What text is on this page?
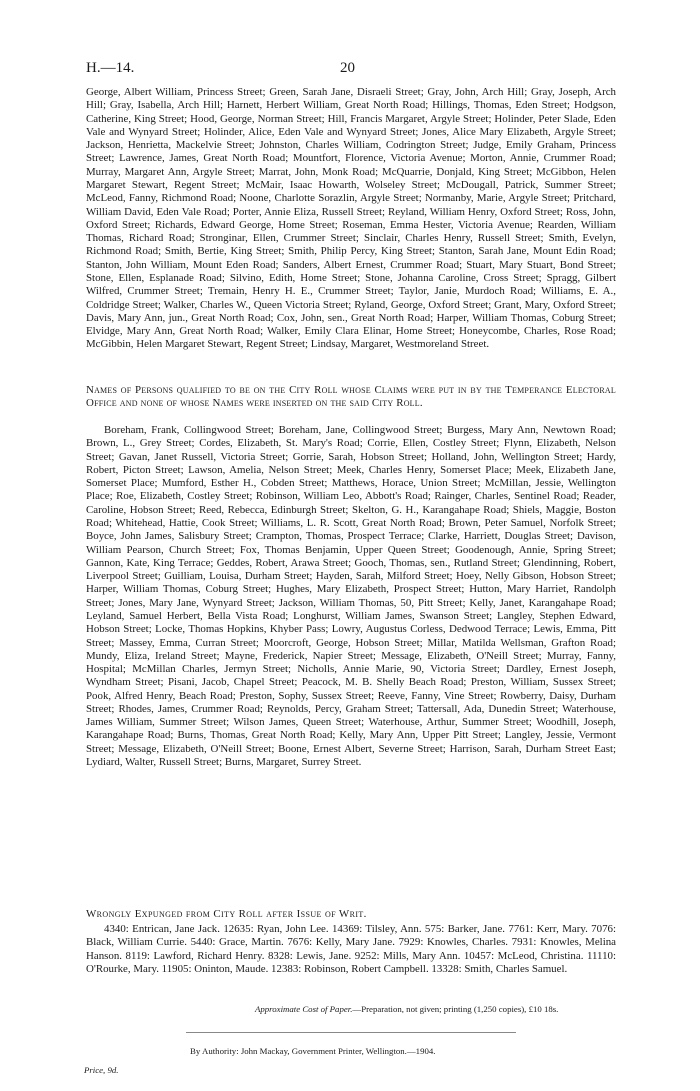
H.—14.	20

George, Albert William, Princess Street; Green, Sarah Jane, Disraeli Street; Gray, John, Arch Hill; Gray, Joseph, Arch Hill; Gray, Isabella, Arch Hill; Harnett, Herbert William, Great North Road; Hillings, Thomas, Eden Street; Hodgson, Catherine, King Street; Hood, George, Norman Street; Hill, Francis Margaret, Argyle Street; Holinder, Peter Slade, Eden Vale and Wynyard Street; Holinder, Alice, Eden Vale and Wynyard Street; Jones, Alice Mary Elizabeth, Argyle Street; Jackson, Henrietta, Mackelvie Street; Johnston, Charles William, Codrington Street; Judge, Emily Graham, Princess Street; Lawrence, James, Great North Road; Mountfort, Florence, Victoria Avenue; Morton, Annie, Crummer Road; Murray, Margaret Ann, Argyle Street; Marrat, John, Monk Road; McQuarrie, Donjald, King Street; McGibbon, Helen Margaret Stewart, Regent Street; McMair, Isaac Howarth, Wolseley Street; McDougall, Patrick, Summer Street; McLeod, Fanny, Richmond Road; Noone, Charlotte Sorazlin, Argyle Street; Normanby, Marie, Argyle Street; Pritchard, William David, Eden Vale Road; Porter, Annie Eliza, Russell Street; Reyland, William Henry, Oxford Street; Ross, John, Oxford Street; Richards, Edward George, Home Street; Roseman, Emma Hester, Victoria Avenue; Rearden, William Thomas, Richard Road; Stronginar, Ellen, Crummer Street; Sinclair, Charles Henry, Russell Street; Smith, Evelyn, Richmond Road; Smith, Bertie, King Street; Smith, Philip Percy, King Street; Stanton, Sarah Jane, Mount Edin Road; Stanton, John William, Mount Eden Road; Sanders, Albert Ernest, Crummer Road; Stuart, Mary Stuart, Bond Street; Stone, Ellen, Esplanade Road; Silvino, Edith, Home Street; Stone, Johanna Caroline, Cross Street; Spragg, Gilbert Wilfred, Crummer Street; Tremain, Henry H. E., Crummer Street; Taylor, Janie, Murdoch Road; Williams, E. A., Coldridge Street; Walker, Charles W., Queen Victoria Street; Ryland, George, Oxford Street; Grant, Mary, Oxford Street; Davis, Mary Ann, jun., Great North Road; Cox, John, sen., Great North Road; Harper, William Thomas, Coburg Street; Elvidge, Mary Ann, Great North Road; Walker, Emily Clara Elinar, Home Street; Honeycombe, Charles, Rose Road; McGibbin, Helen Margaret Stewart, Regent Street; Lindsay, Margaret, Westmoreland Street.

Names of Persons qualified to be on the City Roll whose Claims were put in by the Temperance Electoral Office and none of whose Names were inserted on the said City Roll.

Boreham, Frank, Collingwood Street; Boreham, Jane, Collingwood Street; Burgess, Mary Ann, Newtown Road; Brown, L., Grey Street; Cordes, Elizabeth, St. Mary's Road; Corrie, Ellen, Costley Street; Flynn, Elizabeth, Nelson Street; Gavan, Janet Russell, Victoria Street; Gorrie, Sarah, Hobson Street; Holland, John, Wellington Street; Hardy, Robert, Picton Street; Lawson, Amelia, Nelson Street; Meek, Charles Henry, Somerset Place; Meek, Elizabeth Jane, Somerset Place; Mumford, Esther H., Cobden Street; Matthews, Horace, Union Street; McMillan, Jessie, Wellington Place; Roe, Elizabeth, Costley Street; Robinson, William Leo, Abbott's Road; Rainger, Charles, Sentinel Road; Reader, Caroline, Hobson Street; Reed, Rebecca, Edinburgh Street; Skelton, G. H., Karangahape Road; Shiels, Maggie, Boston Road; Whitehead, Hattie, Cook Street; Williams, L. R. Scott, Great North Road; Brown, Peter Samuel, Norfolk Street; Boyce, John James, Salisbury Street; Crampton, Thomas, Prospect Terrace; Clarke, Harriett, Douglas Street; Davison, William Pearson, Church Street; Fox, Thomas Benjamin, Upper Queen Street; Goodenough, Annie, Spring Street; Gannon, Kate, King Terrace; Geddes, Robert, Arawa Street; Gooch, Thomas, sen., Rutland Street; Glendinning, Robert, Liverpool Street; Guilliam, Louisa, Durham Street; Hayden, Sarah, Milford Street; Hoey, Nelly Gibson, Hobson Street; Harper, William Thomas, Coburg Street; Hughes, Mary Elizabeth, Prospect Street; Hutton, Mary Harriet, Randolph Street; Jones, Mary Jane, Wynyard Street; Jackson, William Thomas, 50, Pitt Street; Kelly, Janet, Karangahape Road; Leyland, Samuel Herbert, Bella Vista Road; Longhurst, William James, Swanson Street; Langley, Stephen Edward, Hobson Street; Locke, Thomas Hopkins, Khyber Pass; Lowry, Augustus Corless, Dedwood Terrace; Lewis, Emma, Pitt Street; Massey, Emma, Curran Street; Moorcroft, George, Hobson Street; Millar, Matilda Wellsman, Grafton Road; Mundy, Eliza, Ireland Street; Mayne, Frederick, Napier Street; Message, Elizabeth, O'Neill Street; Murray, Fanny, Hospital; McMillan Charles, Jermyn Street; Nicholls, Annie Marie, 90, Victoria Street; Dardley, Ernest Joseph, Wyndham Street; Pisani, Jacob, Chapel Street; Peacock, M. B. Shelly Beach Road; Preston, William, Sussex Street; Pook, Alfred Henry, Beach Road; Preston, Sophy, Sussex Street; Reeve, Fanny, Vine Street; Rowberry, Daisy, Durham Street; Rhodes, James, Crummer Road; Reynolds, Percy, Graham Street; Tattersall, Ada, Dunedin Street; Waterhouse, James William, Summer Street; Wilson James, Queen Street; Waterhouse, Arthur, Summer Street; Woodhill, Joseph, Karangahape Road; Burns, Thomas, Great North Road; Kelly, Mary Ann, Upper Pitt Street; Langley, Jessie, Vermont Street; Message, Elizabeth, O'Neill Street; Boone, Ernest Albert, Severne Street; Harrison, Sarah, Durham Street East; Lydiard, Walter, Russell Street; Burns, Margaret, Surrey Street.

Wrongly Expunged from City Roll after Issue of Writ.

4340: Entrican, Jane Jack. 12635: Ryan, John Lee. 14369: Tilsley, Ann. 575: Barker, Jane. 7761: Kerr, Mary. 7076: Black, William Currie. 5440: Grace, Martin. 7676: Kelly, Mary Jane. 7929: Knowles, Charles. 7931: Knowles, Melina Hanson. 8119: Lawford, Richard Henry. 8328: Lewis, Jane. 9252: Mills, Mary Ann. 10457: McLeod, Christina. 11110: O'Rourke, Mary. 11905: Oninton, Maude. 12383: Robinson, Robert Campbell. 13328: Smith, Charles Samuel.

Approximate Cost of Paper.—Preparation, not given; printing (1,250 copies), £10 18s.
By Authority: John Mackay, Government Printer, Wellington.—1904.
Price, 9d.
